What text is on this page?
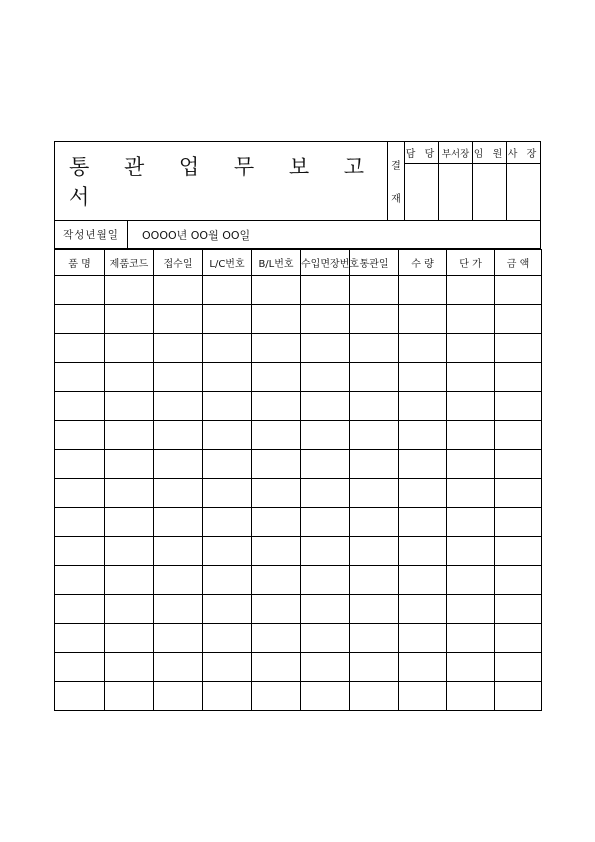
통 관 업 무 보 고 서
결
재
담 당 부서장 임 원 사 장
작성년월일	OOOO년 OO월 OO일
품 명	제품코드	접수일	L/C번호	B/L번호	수입면장번호	통관일	수 량	단 가	금 액
